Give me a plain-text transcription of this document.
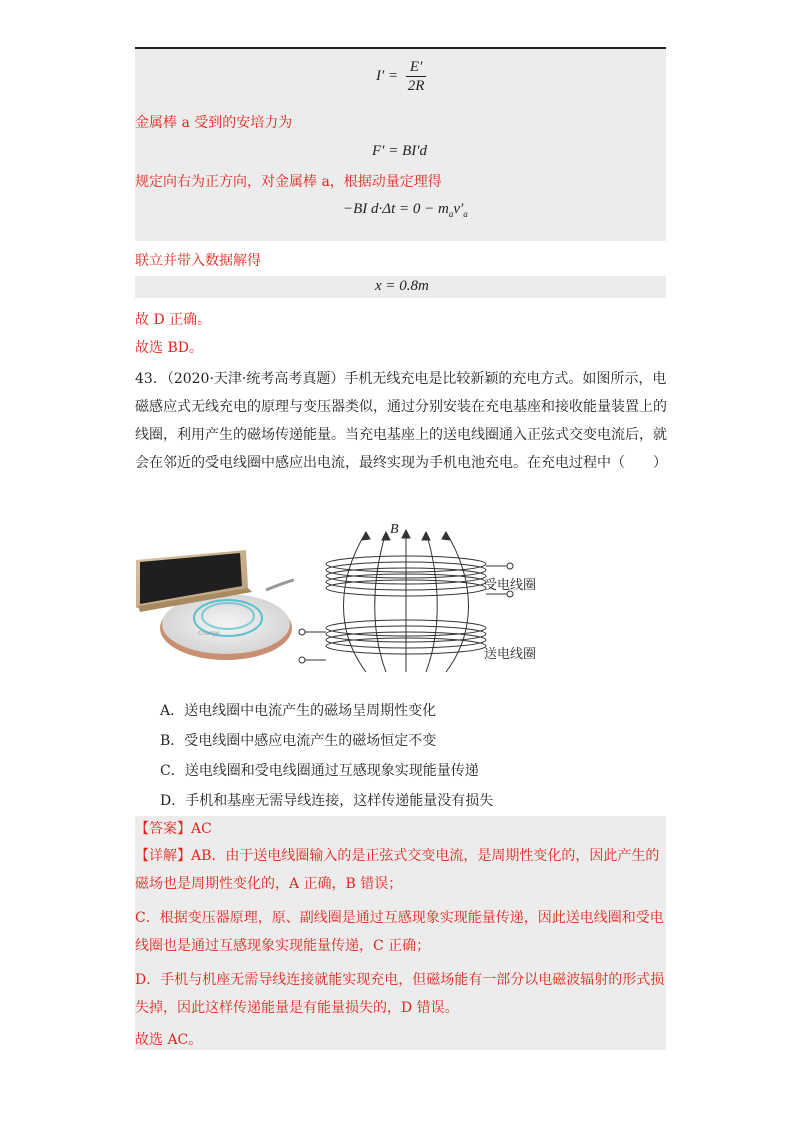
$I' = \frac{E'}{2R}$
金属棒 a 受到的安培力为
F′ = BI′d
规定向右为正方向，对金属棒 a，根据动量定理得
−BI $d\cdot\Delta t = 0 - m_av'_a$
联立并带入数据解得
x = 0.8m
故 D 正确。
故选 BD。
43．（2020·天津·统考高考真题）手机无线充电是比较新颖的充电方式。如图所示，电磁感应式无线充电的原理与变压器类似，通过分别安装在充电基座和接收能量装置上的线圈，利用产生的磁场传递能量。当充电基座上的送电线圈通入正弦式交变电流后，就会在邻近的受电线圈中感应出电流，最终实现为手机电池充电。在充电过程中（　　）
Charge
B
受电线圈
送电线圈
A．送电线圈中电流产生的磁场呈周期性变化
B．受电线圈中感应电流产生的磁场恒定不变
C．送电线圈和受电线圈通过互感现象实现能量传递
D．手机和基座无需导线连接，这样传递能量没有损失
【答案】AC
【详解】AB．由于送电线圈输入的是正弦式交变电流，是周期性变化的，因此产生的磁场也是周期性变化的，A 正确，B 错误；
C．根据变压器原理，原、副线圈是通过互感现象实现能量传递，因此送电线圈和受电线圈也是通过互感现象实现能量传递，C 正确；
D．手机与机座无需导线连接就能实现充电，但磁场能有一部分以电磁波辐射的形式损失掉，因此这样传递能量是有能量损失的，D 错误。
故选 AC。
